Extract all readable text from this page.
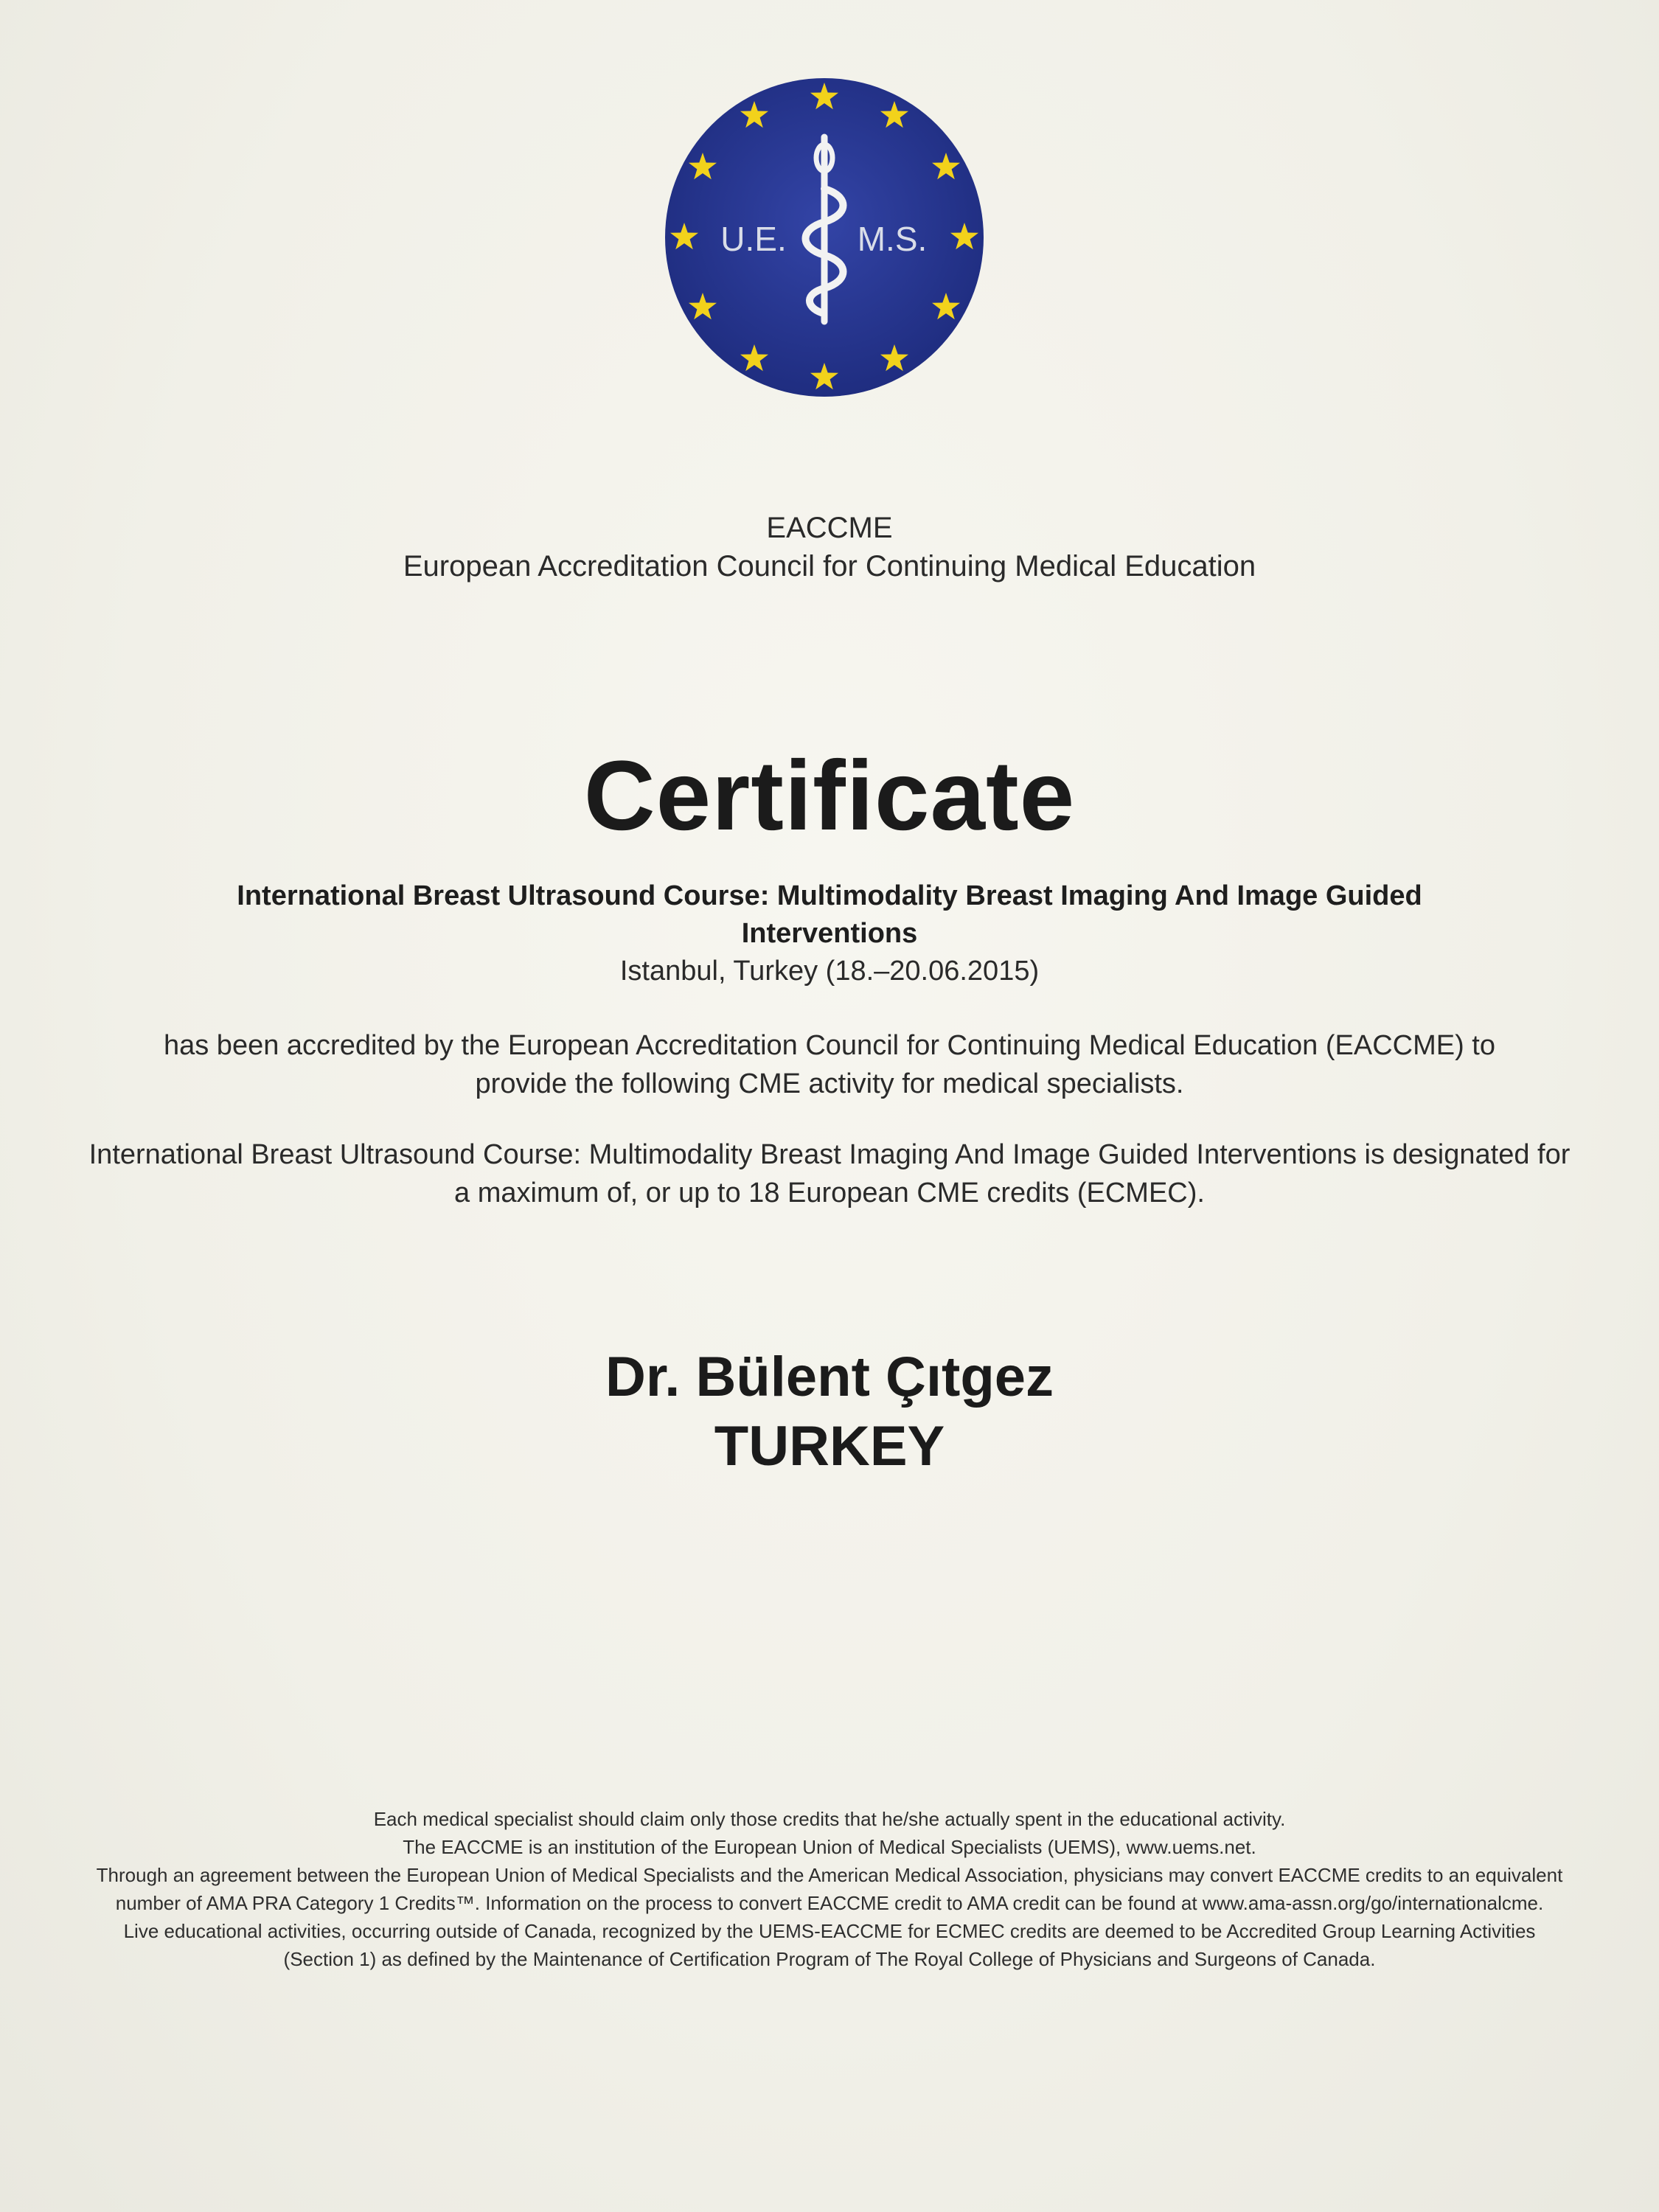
U.E. M.S.
EACCME
European Accreditation Council for Continuing Medical Education
Certificate
International Breast Ultrasound Course: Multimodality Breast Imaging And Image Guided Interventions
Istanbul, Turkey (18.–20.06.2015)
has been accredited by the European Accreditation Council for Continuing Medical Education (EACCME) to provide the following CME activity for medical specialists.
International Breast Ultrasound Course: Multimodality Breast Imaging And Image Guided Interventions is designated for a maximum of, or up to 18 European CME credits (ECMEC).
Dr. Bülent Çıtgez
TURKEY

Each medical specialist should claim only those credits that he/she actually spent in the educational activity.

The EACCME is an institution of the European Union of Medical Specialists (UEMS), www.uems.net.

Through an agreement between the European Union of Medical Specialists and the American Medical Association, physicians may convert EACCME credits to an equivalent number of AMA PRA Category 1 Credits™. Information on the process to convert EACCME credit to AMA credit can be found at www.ama-assn.org/go/internationalcme.

Live educational activities, occurring outside of Canada, recognized by the UEMS-EACCME for ECMEC credits are deemed to be Accredited Group Learning Activities (Section 1) as defined by the Maintenance of Certification Program of The Royal College of Physicians and Surgeons of Canada.
